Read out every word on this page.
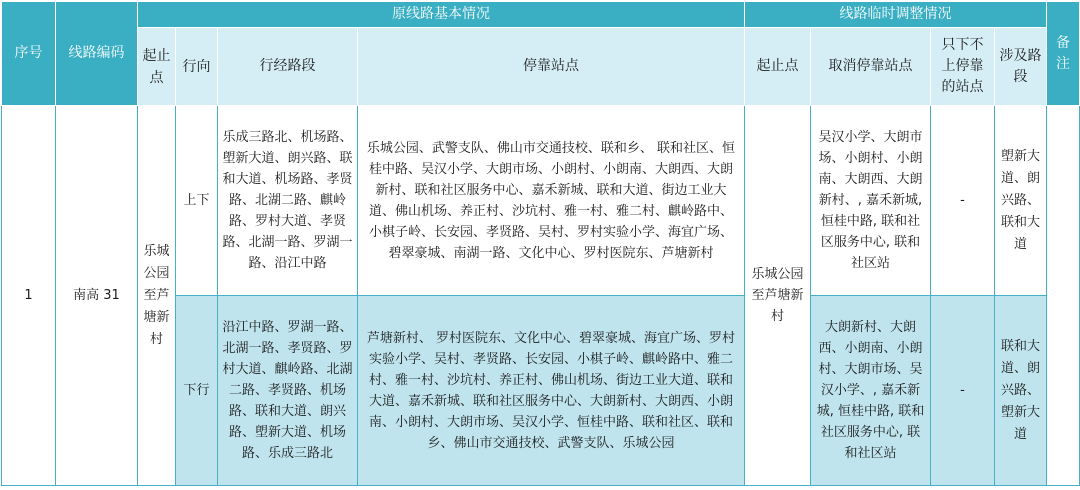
序号	线路编码	原线路基本情况				线路临时调整情况				备注
		起止点	行向	行经路段	停靠站点	起止点	取消停靠站点	只下不上停靠的站点	涉及路段	
1	南高 31	乐城公园至芦塘新村	上下	乐成三路北、机场路、塱新大道、朗兴路、联和大道、机场路、孝贤路、北湖二路、麒岭路、罗村大道、孝贤路、北湖一路、罗湖一路、沿江中路	乐城公园、武警支队、佛山市交通技校、联和乡、 联和社区、恒桂中路、吴汉小学、大朗市场、小朗村、小朗南、大朗西、大朗新村、联和社区服务中心、嘉禾新城、联和大道、街边工业大道、佛山机场、养正村、沙坑村、雅一村、雅二村、麒岭路中、小棋子岭、长安园、孝贤路、吴村、罗村实验小学、海宜广场、 碧翠豪城、南湖一路、文化中心、罗村医院东、芦塘新村	乐城公园至芦塘新村	吴汉小学、大朗市场、小朗村、小朗南、大朗西、大朗新村、, 嘉禾新城, 恒桂中路, 联和社区服务中心, 联和社区站	-	塱新大道、朗兴路、联和大道	
			下行	沿江中路、罗湖一路、北湖一路、孝贤路、罗村大道、麒岭路、北湖二路、孝贤路、机场路、联和大道、朗兴路、塱新大道、机场路、乐成三路北	芦塘新村、 罗村医院东、文化中心、碧翠豪城、海宜广场、罗村实验小学、吴村、孝贤路、长安园、小棋子岭、麒岭路中、雅二村、雅一村、沙坑村、养正村、佛山机场、街边工业大道、联和大道、嘉禾新城、联和社区服务中心、大朗新村、大朗西、小朗南、小朗村、大朗市场、吴汉小学、恒桂中路、联和社区、联和乡、佛山市交通技校、武警支队、乐城公园		大朗新村、大朗西、小朗南、小朗村、大朗市场、吴汉小学、, 嘉禾新城, 恒桂中路, 联和社区服务中心, 联和社区站	-	联和大道、朗兴路、塱新大道	
